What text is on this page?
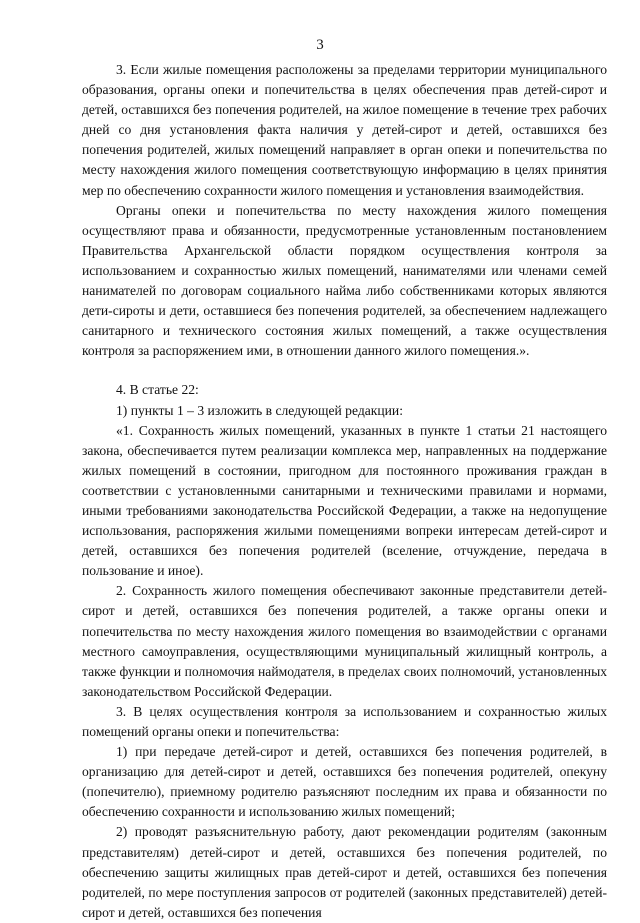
3

3. Если жилые помещения расположены за пределами территории муниципального образования, органы опеки и попечительства в целях обеспечения прав детей-сирот и детей, оставшихся без попечения родителей, на жилое помещение в течение трех рабочих дней со дня установления факта наличия у детей-сирот и детей, оставшихся без попечения родителей, жилых помещений направляет в орган опеки и попечительства по месту нахождения жилого помещения соответствующую информацию в целях принятия мер по обеспечению сохранности жилого помещения и установления взаимодействия.

Органы опеки и попечительства по месту нахождения жилого помещения осуществляют права и обязанности, предусмотренные установленным постановлением Правительства Архангельской области порядком осуществления контроля за использованием и сохранностью жилых помещений, нанимателями или членами семей нанимателей по договорам социального найма либо собственниками которых являются дети-сироты и дети, оставшиеся без попечения родителей, за обеспечением надлежащего санитарного и технического состояния жилых помещений, а также осуществления контроля за распоряжением ими, в отношении данного жилого помещения.».

4. В статье 22:

1) пункты 1 – 3 изложить в следующей редакции:

«1. Сохранность жилых помещений, указанных в пункте 1 статьи 21 настоящего закона, обеспечивается путем реализации комплекса мер, направленных на поддержание жилых помещений в состоянии, пригодном для постоянного проживания граждан в соответствии с установленными санитарными и техническими правилами и нормами, иными требованиями законодательства Российской Федерации, а также на недопущение использования, распоряжения жилыми помещениями вопреки интересам детей-сирот и детей, оставшихся без попечения родителей (вселение, отчуждение, передача в пользование и иное).

2. Сохранность жилого помещения обеспечивают законные представители детей-сирот и детей, оставшихся без попечения родителей, а также органы опеки и попечительства по месту нахождения жилого помещения во взаимодействии с органами местного самоуправления, осуществляющими муниципальный жилищный контроль, а также функции и полномочия наймодателя, в пределах своих полномочий, установленных законодательством Российской Федерации.

3. В целях осуществления контроля за использованием и сохранностью жилых помещений органы опеки и попечительства:

1) при передаче детей-сирот и детей, оставшихся без попечения родителей, в организацию для детей-сирот и детей, оставшихся без попечения родителей, опекуну (попечителю), приемному родителю разъясняют последним их права и обязанности по обеспечению сохранности и использованию жилых помещений;

2) проводят разъяснительную работу, дают рекомендации родителям (законным представителям) детей-сирот и детей, оставшихся без попечения родителей, по обеспечению защиты жилищных прав детей-сирот и детей, оставшихся без попечения родителей, по мере поступления запросов от родителей (законных представителей) детей-сирот и детей, оставшихся без попечения
